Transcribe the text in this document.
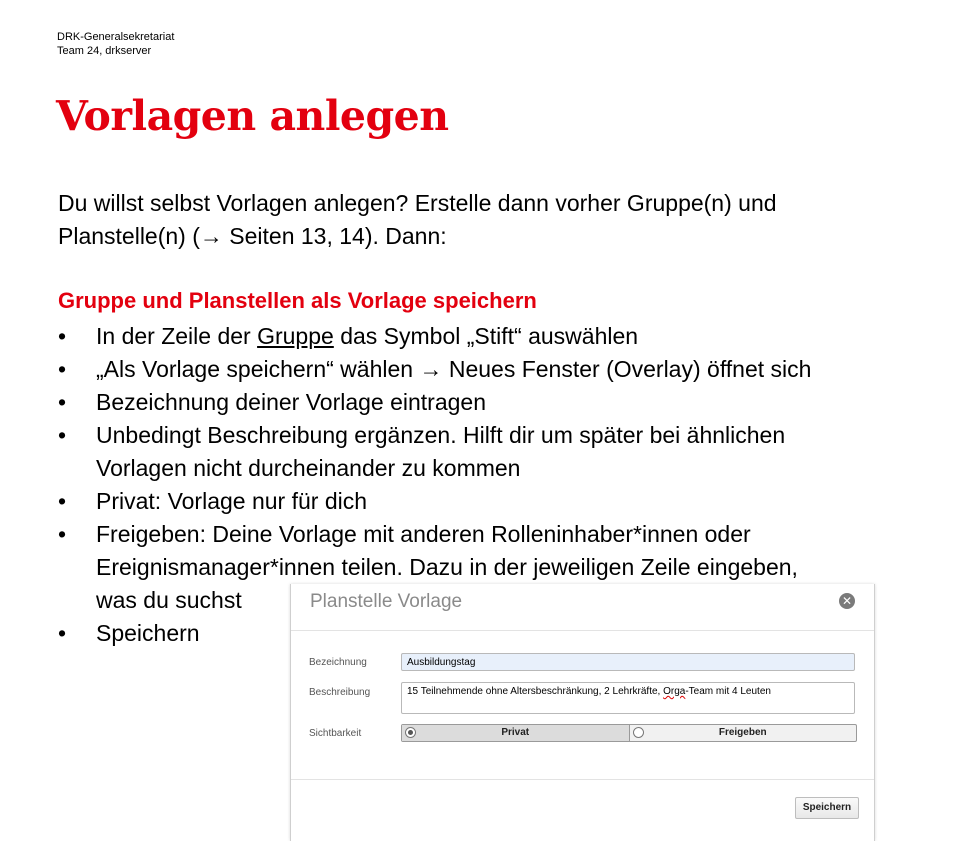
DRK-Generalsekretariat
Team 24, drkserver
Vorlagen anlegen
Du willst selbst Vorlagen anlegen? Erstelle dann vorher Gruppe(n) und
Planstelle(n) (→ Seiten 13, 14). Dann:
Gruppe und Planstellen als Vorlage speichern
• In der Zeile der Gruppe das Symbol „Stift“ auswählen
• „Als Vorlage speichern“ wählen → Neues Fenster (Overlay) öffnet sich
• Bezeichnung deiner Vorlage eintragen
• Unbedingt Beschreibung ergänzen. Hilft dir um später bei ähnlichen
Vorlagen nicht durcheinander zu kommen
• Privat: Vorlage nur für dich
• Freigeben: Deine Vorlage mit anderen Rolleninhaber*innen oder
Ereignismanager*innen teilen. Dazu in der jeweiligen Zeile eingeben,
was du suchst
• Speichern
Planstelle Vorlage	✕
Bezeichnung	Ausbildungstag
Beschreibung	15 Teilnehmende ohne Altersbeschränkung, 2 Lehrkräfte, Orga-Team mit 4 Leuten
Sichtbarkeit	Privat	Freigeben
Speichern
